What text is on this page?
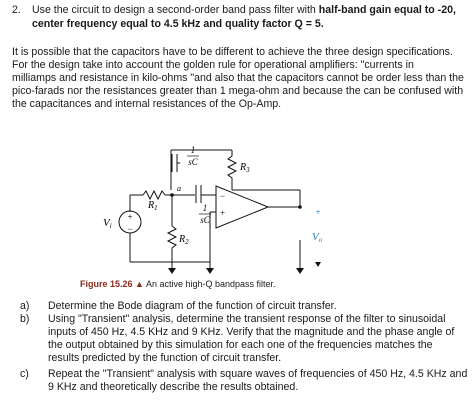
2. Use the circuit to design a second-order band pass filter with half-band gain equal to -20,
center frequency equal to 4.5 kHz and quality factor Q = 5.
It is possible that the capacitors have to be different to achieve the three design specifications.
For the design take into account the golden rule for operational amplifiers: "currents in
milliamps and resistance in kilo-ohms "and also that the capacitors cannot be order less than the
pico-farads nor the resistances greater than 1 mega-ohm and because the can be confused with
the capacitances and internal resistances of the Op-Amp.
1
sC	$R_3$
a
$R_1$	1
sC
$R_2$
Vi
+
−
−
+	+
Vo
Figure 15.26 ▲ An active high-Q bandpass filter.
a) Determine the Bode diagram of the function of circuit transfer.
b) Using "Transient" analysis, determine the transient response of the filter to sinusoidal
inputs of 450 Hz, 4.5 KHz and 9 KHz. Verify that the magnitude and the phase angle of
the output obtained by this simulation for each one of the frequencies matches the
results predicted by the function of circuit transfer.
c) Repeat the "Transient" analysis with square waves of frequencies of 450 Hz, 4.5 KHz and
9 KHz and theoretically describe the results obtained.
